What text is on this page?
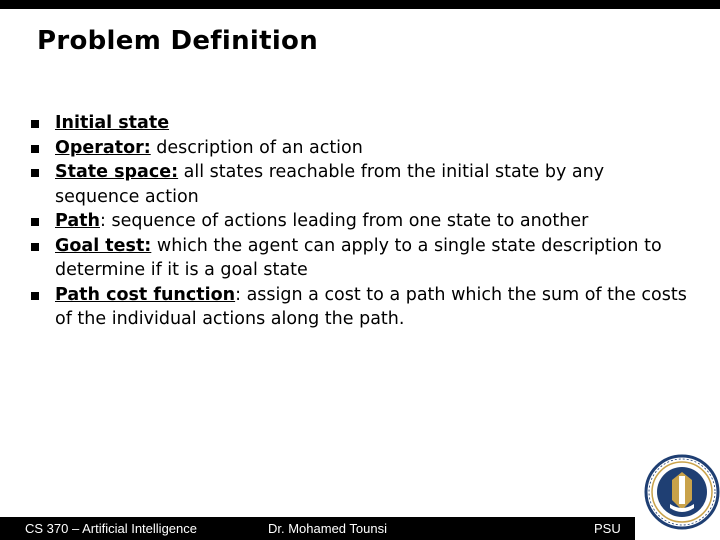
Problem Definition
Initial state
Operator: description of an action
State space: all states reachable from the initial state by any sequence action
Path: sequence of actions leading from one state to another
Goal test: which the agent can apply to a single state description to determine if it is a goal state
Path cost function: assign a cost to a path which the sum of the costs of the individual actions along the path.
CS 370 – Artificial Intelligence	Dr. Mohamed Tounsi	PSU
